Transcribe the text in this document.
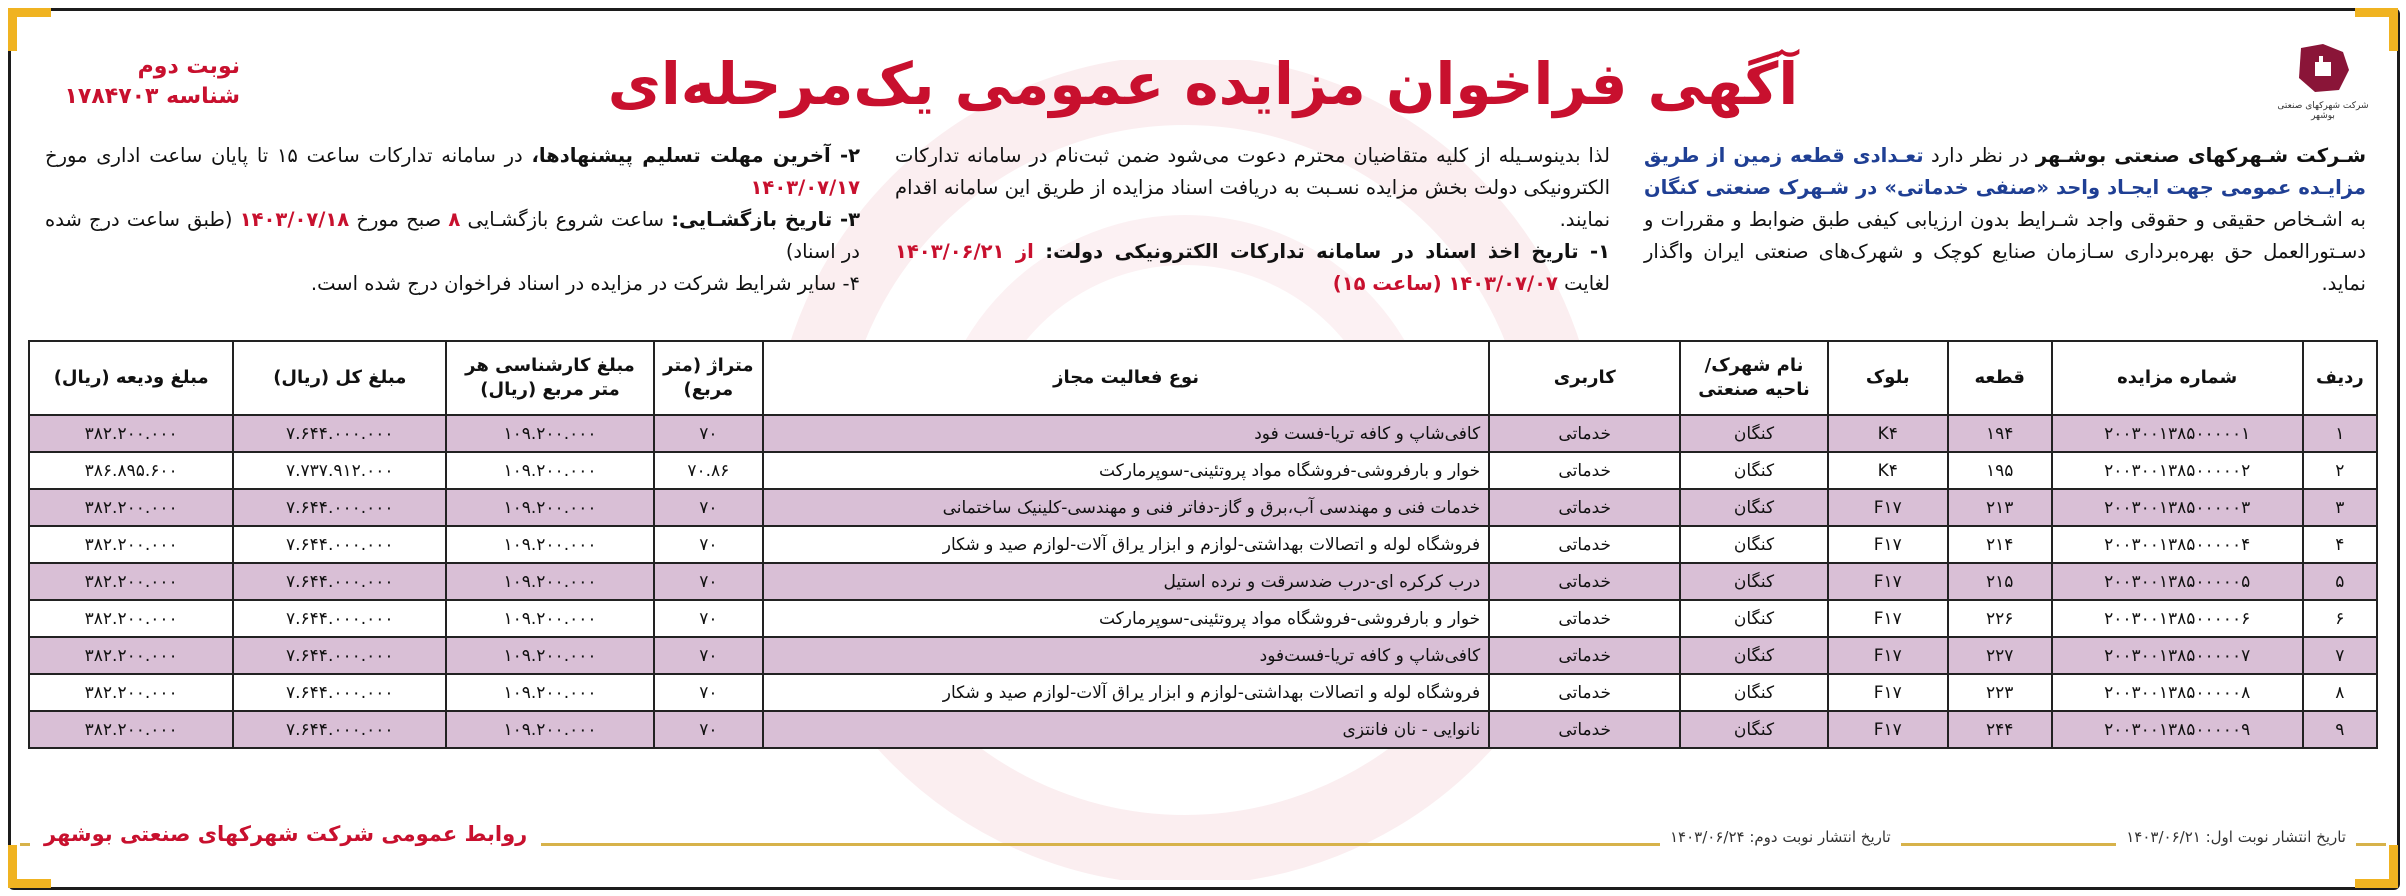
شرکت شهرکهای صنعتی بوشهر
آگهی فراخوان مزایده عمومی یک‌مرحله‌ای
نوبت دوم
شناسه ۱۷۸۴۷۰۳

شـرکت شـهرکهای صنعتی بوشـهر در نظر دارد تعـدادی قطعه زمین از طریق مزایـده عمومی جهت ایجـاد واحد «صنفی خدماتی» در شـهرک صنعتی کنگان به اشـخاص حقیقی و حقوقی واجد شـرایط بدون ارزیابی کیفی طبق ضوابط و مقررات و دسـتورالعمل حق بهره‌برداری سـازمان صنایع کوچک و شهرک‌های صنعتی ایران واگذار نماید.

لذا بدینوسـیله از کلیه متقاضیان محترم دعوت می‌شود ضمن ثبت‌نام در سامانه تدارکات الکترونیکی دولت بخش مزایده نسـبت به دریافت اسناد مزایده از طریق این سامانه اقدام نمایند.

۱- تاریخ اخذ اسناد در سامانه تدارکات الکترونیکی دولت: از ۱۴۰۳/۰۶/۲۱ لغایت ۱۴۰۳/۰۷/۰۷ (ساعت ۱۵)

۲- آخرین مهلت تسلیم پیشنهادها، در سامانه تدارکات ساعت ۱۵ تا پایان ساعت اداری مورخ ۱۴۰۳/۰۷/۱۷

۳- تاریخ بازگشـایی: ساعت شروع بازگشـایی ۸ صبح مورخ ۱۴۰۳/۰۷/۱۸ (طبق ساعت درج شده در اسناد)

۴- سایر شرایط شرکت در مزایده در اسناد فراخوان درج شده است.

ردیف	شماره مزایده	قطعه	بلوک	نام شهرک/ناحیه صنعتی	کاربری	نوع فعالیت مجاز	متراژ (متر مربع)	مبلغ کارشناسی هر متر مربع (ریال)	مبلغ کل (ریال)	مبلغ ودیعه (ریال)
۱	۲۰۰۳۰۰۱۳۸۵۰۰۰۰۰۱	۱۹۴	K۴	کنگان	خدماتی	کافی‌شاپ و کافه تریا-فست فود	۷۰	۱۰۹.۲۰۰.۰۰۰	۷.۶۴۴.۰۰۰.۰۰۰	۳۸۲.۲۰۰.۰۰۰
۲	۲۰۰۳۰۰۱۳۸۵۰۰۰۰۰۲	۱۹۵	K۴	کنگان	خدماتی	خوار و بارفروشی-فروشگاه مواد پروتئینی-سوپرمارکت	۷۰.۸۶	۱۰۹.۲۰۰.۰۰۰	۷.۷۳۷.۹۱۲.۰۰۰	۳۸۶.۸۹۵.۶۰۰
۳	۲۰۰۳۰۰۱۳۸۵۰۰۰۰۰۳	۲۱۳	F۱۷	کنگان	خدماتی	خدمات فنی و مهندسی آب،برق و گاز-دفاتر فنی و مهندسی-کلینیک ساختمانی	۷۰	۱۰۹.۲۰۰.۰۰۰	۷.۶۴۴.۰۰۰.۰۰۰	۳۸۲.۲۰۰.۰۰۰
۴	۲۰۰۳۰۰۱۳۸۵۰۰۰۰۰۴	۲۱۴	F۱۷	کنگان	خدماتی	فروشگاه لوله و اتصالات بهداشتی-لوازم و ابزار یراق آلات-لوازم صید و شکار	۷۰	۱۰۹.۲۰۰.۰۰۰	۷.۶۴۴.۰۰۰.۰۰۰	۳۸۲.۲۰۰.۰۰۰
۵	۲۰۰۳۰۰۱۳۸۵۰۰۰۰۰۵	۲۱۵	F۱۷	کنگان	خدماتی	درب کرکره ای-درب ضدسرقت و نرده استیل	۷۰	۱۰۹.۲۰۰.۰۰۰	۷.۶۴۴.۰۰۰.۰۰۰	۳۸۲.۲۰۰.۰۰۰
۶	۲۰۰۳۰۰۱۳۸۵۰۰۰۰۰۶	۲۲۶	F۱۷	کنگان	خدماتی	خوار و بارفروشی-فروشگاه مواد پروتئینی-سوپرمارکت	۷۰	۱۰۹.۲۰۰.۰۰۰	۷.۶۴۴.۰۰۰.۰۰۰	۳۸۲.۲۰۰.۰۰۰
۷	۲۰۰۳۰۰۱۳۸۵۰۰۰۰۰۷	۲۲۷	F۱۷	کنگان	خدماتی	کافی‌شاپ و کافه تریا-فست‌فود	۷۰	۱۰۹.۲۰۰.۰۰۰	۷.۶۴۴.۰۰۰.۰۰۰	۳۸۲.۲۰۰.۰۰۰
۸	۲۰۰۳۰۰۱۳۸۵۰۰۰۰۰۸	۲۲۳	F۱۷	کنگان	خدماتی	فروشگاه لوله و اتصالات بهداشتی-لوازم و ابزار یراق آلات-لوازم صید و شکار	۷۰	۱۰۹.۲۰۰.۰۰۰	۷.۶۴۴.۰۰۰.۰۰۰	۳۸۲.۲۰۰.۰۰۰
۹	۲۰۰۳۰۰۱۳۸۵۰۰۰۰۰۹	۲۴۴	F۱۷	کنگان	خدماتی	نانوایی - نان فانتزی	۷۰	۱۰۹.۲۰۰.۰۰۰	۷.۶۴۴.۰۰۰.۰۰۰	۳۸۲.۲۰۰.۰۰۰
روابط عمومی شرکت شهرکهای صنعتی بوشهر	تاریخ انتشار نوبت اول: ۱۴۰۳/۰۶/۲۱
تاریخ انتشار نوبت دوم: ۱۴۰۳/۰۶/۲۴
